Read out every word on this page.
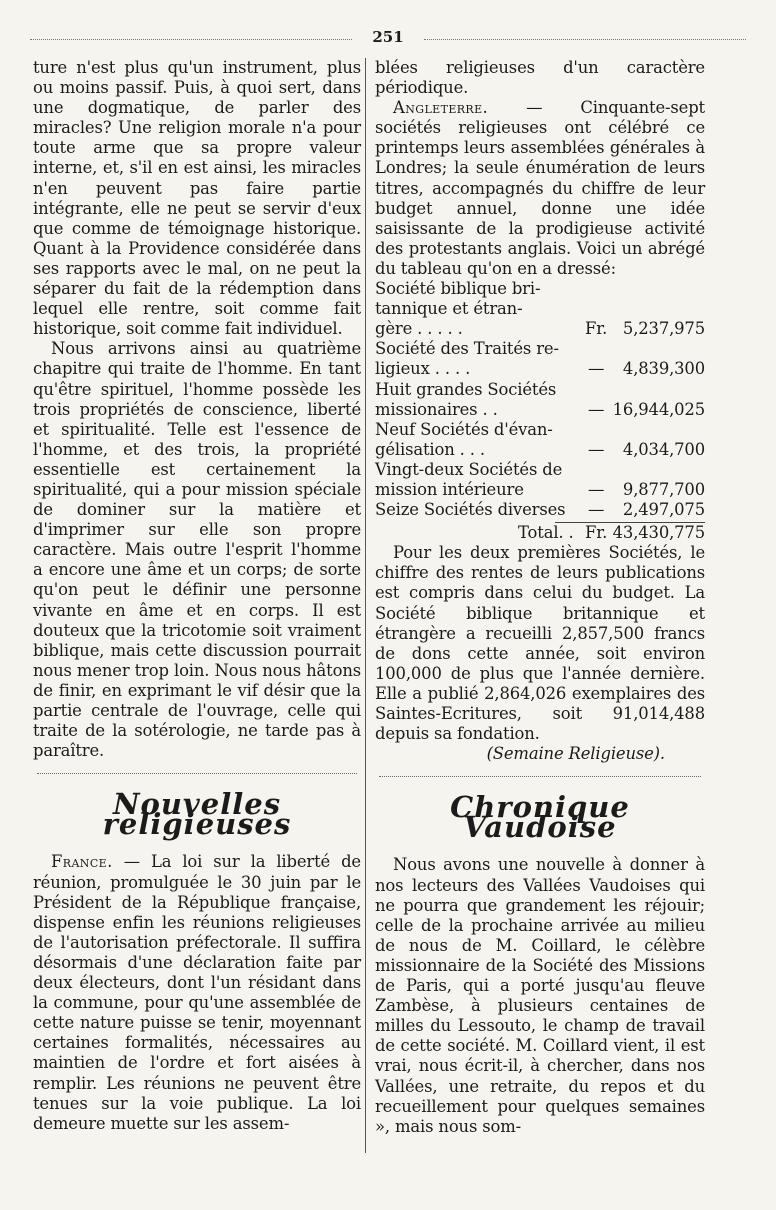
251

ture n'est plus qu'un instrument, plus ou moins passif. Puis, à quoi sert, dans une dogmatique, de parler des miracles? Une religion morale n'a pour toute arme que sa propre valeur interne, et, s'il en est ainsi, les miracles n'en peuvent pas faire partie intégrante, elle ne peut se servir d'eux que comme de témoignage historique. Quant à la Providence considérée dans ses rapports avec le mal, on ne peut la séparer du fait de la rédemption dans lequel elle rentre, soit comme fait historique, soit comme fait individuel.

Nous arrivons ainsi au quatrième chapitre qui traite de l'homme. En tant qu'être spirituel, l'homme possède les trois propriétés de conscience, liberté et spiritualité. Telle est l'essence de l'homme, et des trois, la propriété essentielle est certainement la spiritualité, qui a pour mission spéciale de dominer sur la matière et d'imprimer sur elle son propre caractère. Mais outre l'esprit l'homme a encore une âme et un corps; de sorte qu'on peut le définir une personne vivante en âme et en corps. Il est douteux que la tricotomie soit vraiment biblique, mais cette discussion pourrait nous mener trop loin. Nous nous hâtons de finir, en exprimant le vif désir que la partie centrale de l'ouvrage, celle qui traite de la sotérologie, ne tarde pas à paraître.

Nouvelles religieuses

France. — La loi sur la liberté de réunion, promulguée le 30 juin par le Président de la République française, dispense enfin les réunions religieuses de l'autorisation préfectorale. Il suffira désormais d'une déclaration faite par deux électeurs, dont l'un résidant dans la commune, pour qu'une assemblée de cette nature puisse se tenir, moyennant certaines formalités, nécessaires au maintien de l'ordre et fort aisées à remplir. Les réunions ne peuvent être tenues sur la voie publique. La loi demeure muette sur les assem-

blées religieuses d'un caractère périodique.

Angleterre. — Cinquante-sept sociétés religieuses ont célébré ce printemps leurs assemblées générales à Londres; la seule énumération de leurs titres, accompagnés du chiffre de leur budget annuel, donne une idée saisissante de la prodigieuse activité des protestants anglais. Voici un abrégé du tableau qu'on en a dressé:

Société biblique bri-		
tannique et étran-		
gère . . . . .	Fr.	5,237,975
Société des Traités re-		
ligieux . . . .	—	4,839,300
Huit grandes Sociétés		
missionaires . .	—	16,944,025
Neuf Sociétés d'évan-		
gélisation . . .	—	4,034,700
Vingt-deux Sociétés de		
mission intérieure	—	9,877,700
Seize Sociétés diverses	—	2,497,075
Total. .	Fr.	43,430,775

Pour les deux premières Sociétés, le chiffre des rentes de leurs publications est compris dans celui du budget. La Société biblique britannique et étrangère a recueilli 2,857,500 francs de dons cette année, soit environ 100,000 de plus que l'année dernière. Elle a publié 2,864,026 exemplaires des Saintes-Ecritures, soit 91,014,488 depuis sa fondation.

(Semaine Religieuse).
Chronique Vaudoise

Nous avons une nouvelle à donner à nos lecteurs des Vallées Vaudoises qui ne pourra que grandement les réjouir; celle de la prochaine arrivée au milieu de nous de M. Coillard, le célèbre missionnaire de la Société des Missions de Paris, qui a porté jusqu'au fleuve Zambèse, à plusieurs centaines de milles du Lessouto, le champ de travail de cette société. M. Coillard vient, il est vrai, nous écrit-il, à chercher, dans nos Vallées, une retraite, du repos et du recueillement pour quelques semaines », mais nous som-
